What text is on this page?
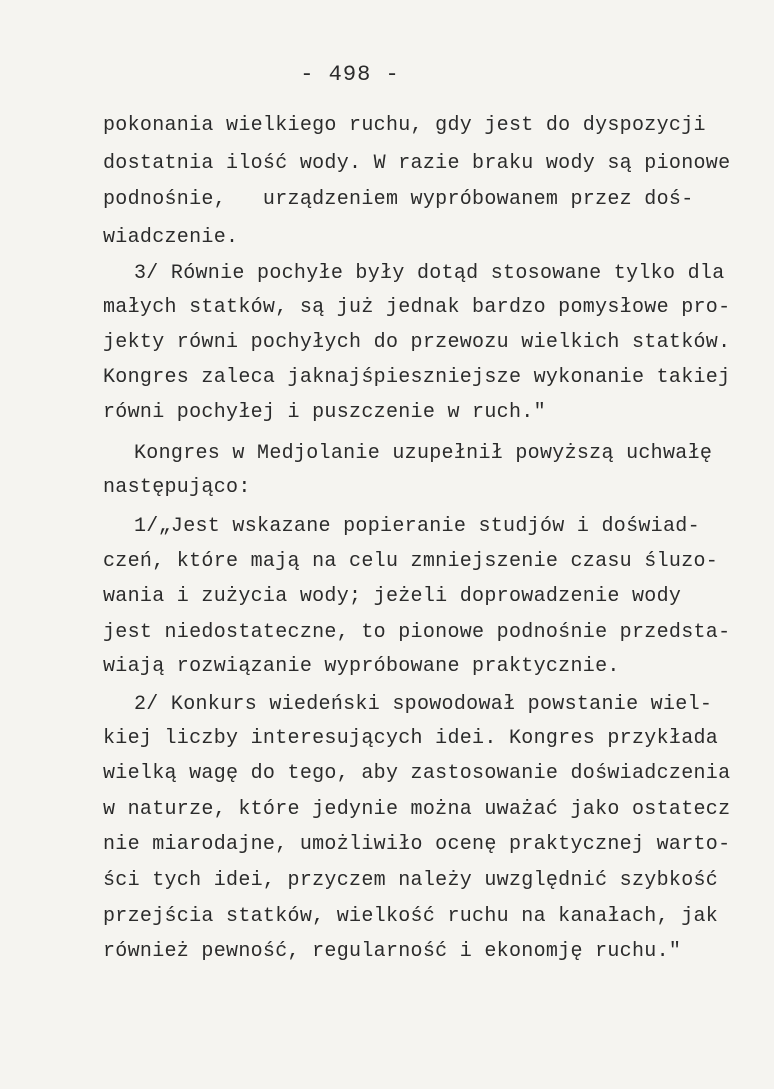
- 498 -
pokonania wielkiego ruchu, gdy jest do dyspozycji
dostatnia ilość wody. W razie braku wody są pionowe
podnośnie,   urządzeniem wypróbowanem przez doś-
wiadczenie.
3/ Równie pochyłe były dotąd stosowane tylko dla
małych statków, są już jednak bardzo pomysłowe pro-
jekty równi pochyłych do przewozu wielkich statków.
Kongres zaleca jaknajśpieszniejsze wykonanie takiej
równi pochyłej i puszczenie w ruch."
Kongres w Medjolanie uzupełnił powyższą uchwałę
następująco:
1/„Jest wskazane popieranie studjów i doświad-
czeń, które mają na celu zmniejszenie czasu śluzo-
wania i zużycia wody; jeżeli doprowadzenie wody
jest niedostateczne, to pionowe podnośnie przedsta-
wiają rozwiązanie wypróbowane praktycznie.
2/ Konkurs wiedeński spowodował powstanie wiel-
kiej liczby interesujących idei. Kongres przykłada
wielką wagę do tego, aby zastosowanie doświadczenia
w naturze, które jedynie można uważać jako ostatecz
nie miarodajne, umożliwiło ocenę praktycznej warto-
ści tych idei, przyczem należy uwzględnić szybkość
przejścia statków, wielkość ruchu na kanałach, jak
również pewność, regularność i ekonomję ruchu."
